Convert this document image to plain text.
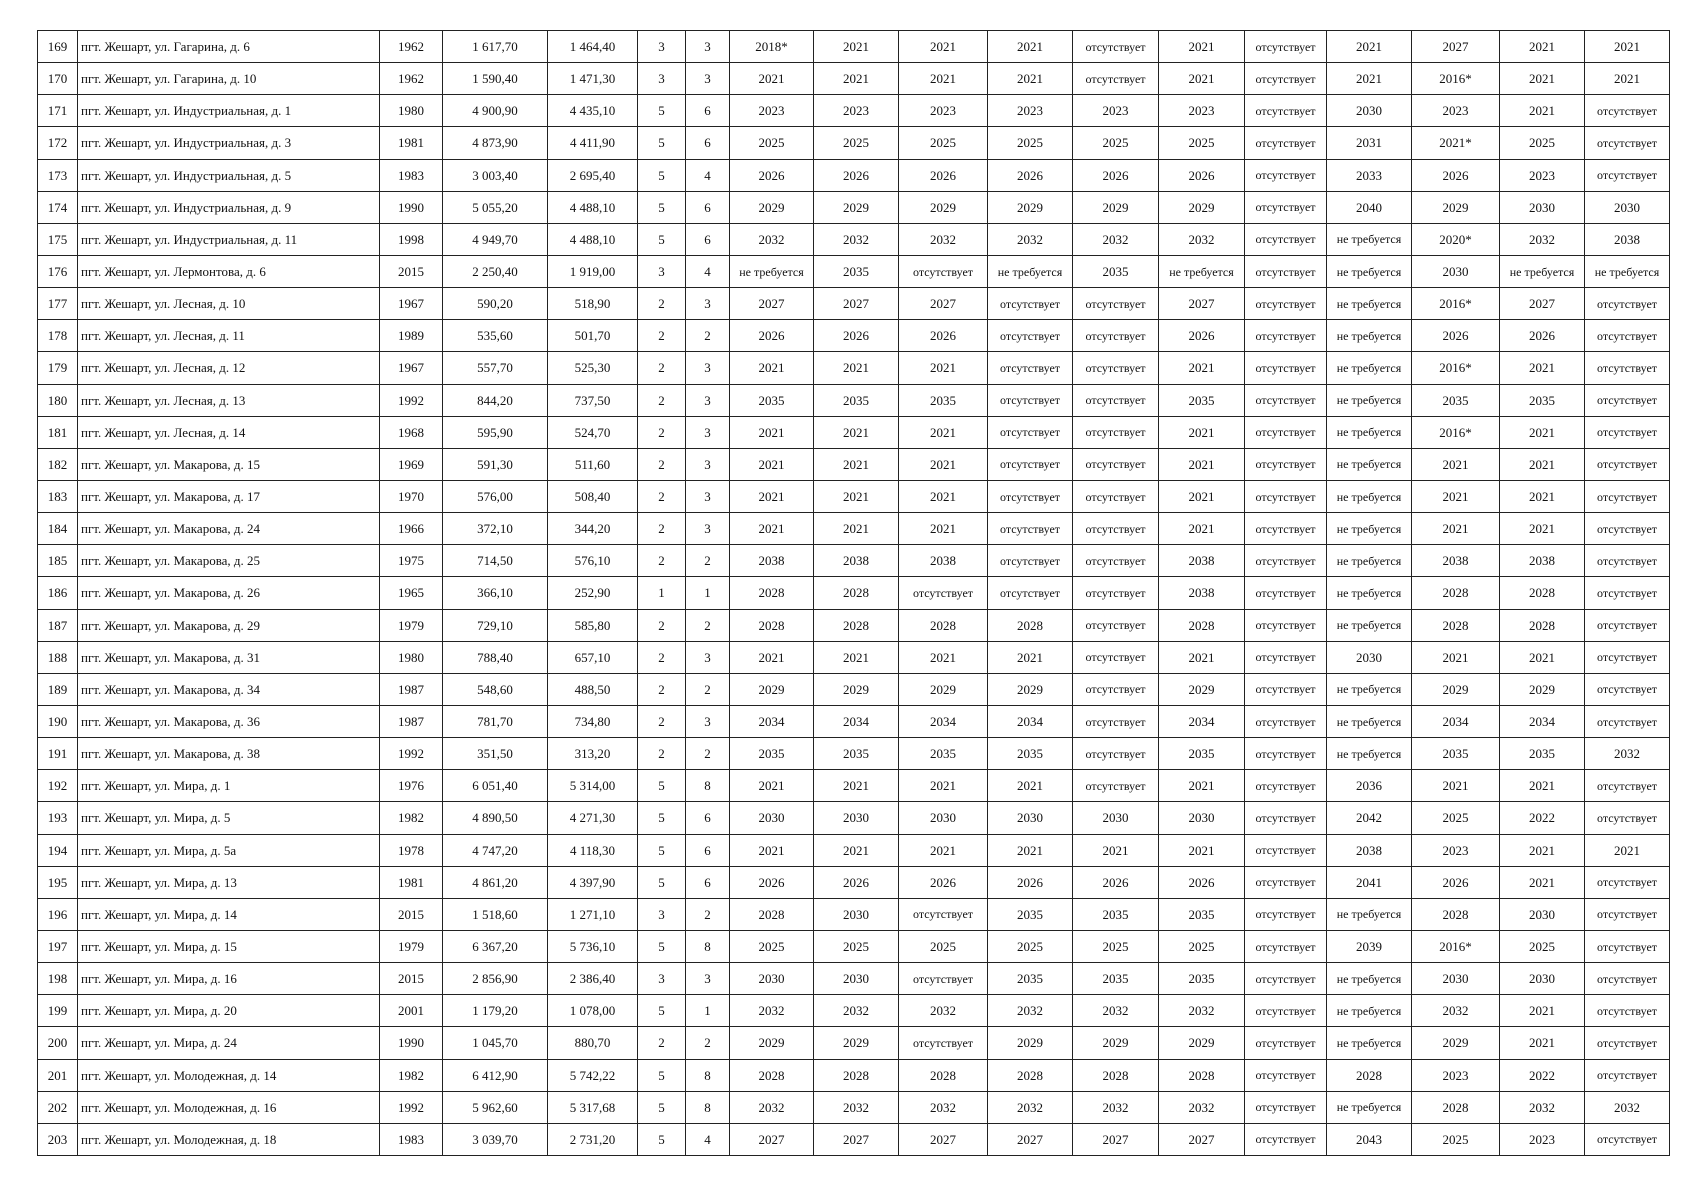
169	пгт. Жешарт, ул. Гагарина, д. 6	1962	1 617,70	1 464,40	3	3	2018*	2021	2021	2021	отсутствует	2021	отсутствует	2021	2027	2021	2021
170	пгт. Жешарт, ул. Гагарина, д. 10	1962	1 590,40	1 471,30	3	3	2021	2021	2021	2021	отсутствует	2021	отсутствует	2021	2016*	2021	2021
171	пгт. Жешарт, ул. Индустриальная, д. 1	1980	4 900,90	4 435,10	5	6	2023	2023	2023	2023	2023	2023	отсутствует	2030	2023	2021	отсутствует
172	пгт. Жешарт, ул. Индустриальная, д. 3	1981	4 873,90	4 411,90	5	6	2025	2025	2025	2025	2025	2025	отсутствует	2031	2021*	2025	отсутствует
173	пгт. Жешарт, ул. Индустриальная, д. 5	1983	3 003,40	2 695,40	5	4	2026	2026	2026	2026	2026	2026	отсутствует	2033	2026	2023	отсутствует
174	пгт. Жешарт, ул. Индустриальная, д. 9	1990	5 055,20	4 488,10	5	6	2029	2029	2029	2029	2029	2029	отсутствует	2040	2029	2030	2030
175	пгт. Жешарт, ул. Индустриальная, д. 11	1998	4 949,70	4 488,10	5	6	2032	2032	2032	2032	2032	2032	отсутствует	не требуется	2020*	2032	2038
176	пгт. Жешарт, ул. Лермонтова, д. 6	2015	2 250,40	1 919,00	3	4	не требуется	2035	отсутствует	не требуется	2035	не требуется	отсутствует	не требуется	2030	не требуется	не требуется
177	пгт. Жешарт, ул. Лесная, д. 10	1967	590,20	518,90	2	3	2027	2027	2027	отсутствует	отсутствует	2027	отсутствует	не требуется	2016*	2027	отсутствует
178	пгт. Жешарт, ул. Лесная, д. 11	1989	535,60	501,70	2	2	2026	2026	2026	отсутствует	отсутствует	2026	отсутствует	не требуется	2026	2026	отсутствует
179	пгт. Жешарт, ул. Лесная, д. 12	1967	557,70	525,30	2	3	2021	2021	2021	отсутствует	отсутствует	2021	отсутствует	не требуется	2016*	2021	отсутствует
180	пгт. Жешарт, ул. Лесная, д. 13	1992	844,20	737,50	2	3	2035	2035	2035	отсутствует	отсутствует	2035	отсутствует	не требуется	2035	2035	отсутствует
181	пгт. Жешарт, ул. Лесная, д. 14	1968	595,90	524,70	2	3	2021	2021	2021	отсутствует	отсутствует	2021	отсутствует	не требуется	2016*	2021	отсутствует
182	пгт. Жешарт, ул. Макарова, д. 15	1969	591,30	511,60	2	3	2021	2021	2021	отсутствует	отсутствует	2021	отсутствует	не требуется	2021	2021	отсутствует
183	пгт. Жешарт, ул. Макарова, д. 17	1970	576,00	508,40	2	3	2021	2021	2021	отсутствует	отсутствует	2021	отсутствует	не требуется	2021	2021	отсутствует
184	пгт. Жешарт, ул. Макарова, д. 24	1966	372,10	344,20	2	3	2021	2021	2021	отсутствует	отсутствует	2021	отсутствует	не требуется	2021	2021	отсутствует
185	пгт. Жешарт, ул. Макарова, д. 25	1975	714,50	576,10	2	2	2038	2038	2038	отсутствует	отсутствует	2038	отсутствует	не требуется	2038	2038	отсутствует
186	пгт. Жешарт, ул. Макарова, д. 26	1965	366,10	252,90	1	1	2028	2028	отсутствует	отсутствует	отсутствует	2038	отсутствует	не требуется	2028	2028	отсутствует
187	пгт. Жешарт, ул. Макарова, д. 29	1979	729,10	585,80	2	2	2028	2028	2028	2028	отсутствует	2028	отсутствует	не требуется	2028	2028	отсутствует
188	пгт. Жешарт, ул. Макарова, д. 31	1980	788,40	657,10	2	3	2021	2021	2021	2021	отсутствует	2021	отсутствует	2030	2021	2021	отсутствует
189	пгт. Жешарт, ул. Макарова, д. 34	1987	548,60	488,50	2	2	2029	2029	2029	2029	отсутствует	2029	отсутствует	не требуется	2029	2029	отсутствует
190	пгт. Жешарт, ул. Макарова, д. 36	1987	781,70	734,80	2	3	2034	2034	2034	2034	отсутствует	2034	отсутствует	не требуется	2034	2034	отсутствует
191	пгт. Жешарт, ул. Макарова, д. 38	1992	351,50	313,20	2	2	2035	2035	2035	2035	отсутствует	2035	отсутствует	не требуется	2035	2035	2032
192	пгт. Жешарт, ул. Мира, д. 1	1976	6 051,40	5 314,00	5	8	2021	2021	2021	2021	отсутствует	2021	отсутствует	2036	2021	2021	отсутствует
193	пгт. Жешарт, ул. Мира, д. 5	1982	4 890,50	4 271,30	5	6	2030	2030	2030	2030	2030	2030	отсутствует	2042	2025	2022	отсутствует
194	пгт. Жешарт, ул. Мира, д. 5а	1978	4 747,20	4 118,30	5	6	2021	2021	2021	2021	2021	2021	отсутствует	2038	2023	2021	2021
195	пгт. Жешарт, ул. Мира, д. 13	1981	4 861,20	4 397,90	5	6	2026	2026	2026	2026	2026	2026	отсутствует	2041	2026	2021	отсутствует
196	пгт. Жешарт, ул. Мира, д. 14	2015	1 518,60	1 271,10	3	2	2028	2030	отсутствует	2035	2035	2035	отсутствует	не требуется	2028	2030	отсутствует
197	пгт. Жешарт, ул. Мира, д. 15	1979	6 367,20	5 736,10	5	8	2025	2025	2025	2025	2025	2025	отсутствует	2039	2016*	2025	отсутствует
198	пгт. Жешарт, ул. Мира, д. 16	2015	2 856,90	2 386,40	3	3	2030	2030	отсутствует	2035	2035	2035	отсутствует	не требуется	2030	2030	отсутствует
199	пгт. Жешарт, ул. Мира, д. 20	2001	1 179,20	1 078,00	5	1	2032	2032	2032	2032	2032	2032	отсутствует	не требуется	2032	2021	отсутствует
200	пгт. Жешарт, ул. Мира, д. 24	1990	1 045,70	880,70	2	2	2029	2029	отсутствует	2029	2029	2029	отсутствует	не требуется	2029	2021	отсутствует
201	пгт. Жешарт, ул. Молодежная, д. 14	1982	6 412,90	5 742,22	5	8	2028	2028	2028	2028	2028	2028	отсутствует	2028	2023	2022	отсутствует
202	пгт. Жешарт, ул. Молодежная, д. 16	1992	5 962,60	5 317,68	5	8	2032	2032	2032	2032	2032	2032	отсутствует	не требуется	2028	2032	2032
203	пгт. Жешарт, ул. Молодежная, д. 18	1983	3 039,70	2 731,20	5	4	2027	2027	2027	2027	2027	2027	отсутствует	2043	2025	2023	отсутствует
